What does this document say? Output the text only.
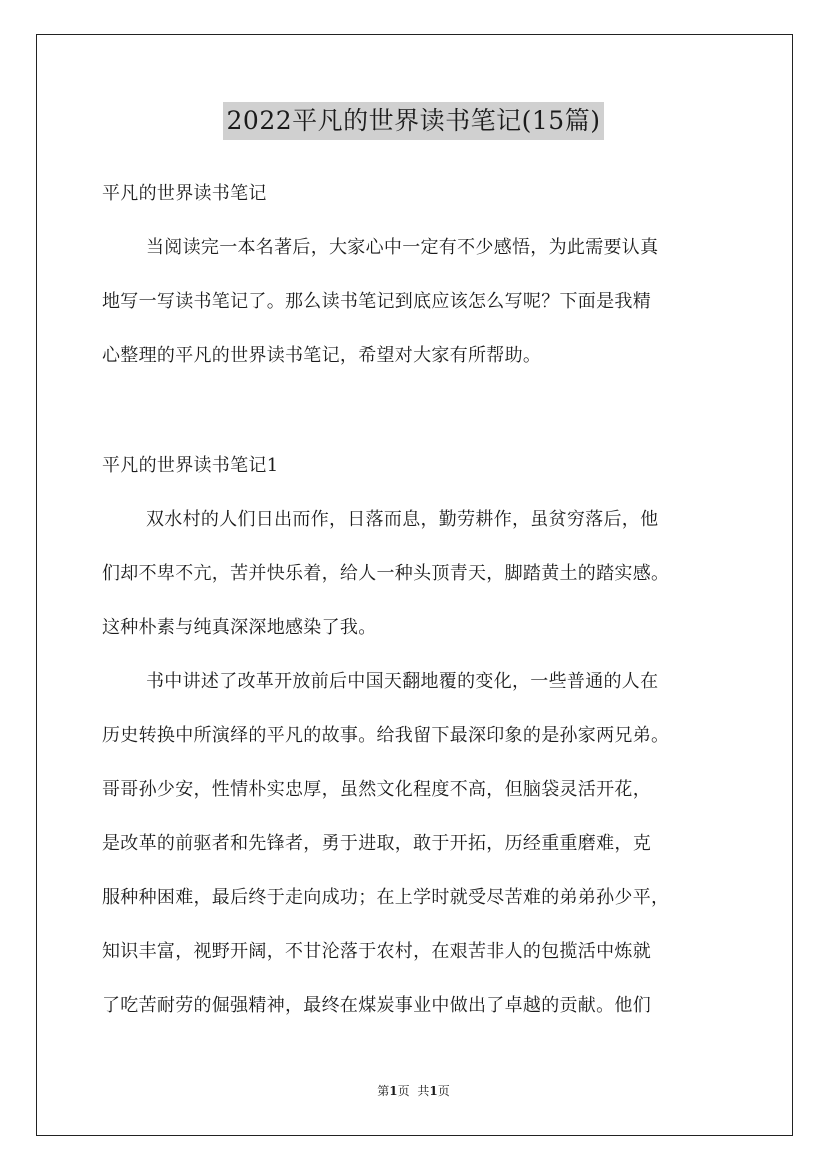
2022平凡的世界读书笔记(15篇)
平凡的世界读书笔记
当阅读完一本名著后，大家心中一定有不少感悟，为此需要认真
地写一写读书笔记了。那么读书笔记到底应该怎么写呢？下面是我精
心整理的平凡的世界读书笔记，希望对大家有所帮助。
平凡的世界读书笔记1
双水村的人们日出而作，日落而息，勤劳耕作，虽贫穷落后，他
们却不卑不亢，苦并快乐着，给人一种头顶青天，脚踏黄土的踏实感。
这种朴素与纯真深深地感染了我。
书中讲述了改革开放前后中国天翻地覆的变化，一些普通的人在
历史转换中所演绎的平凡的故事。给我留下最深印象的是孙家两兄弟。
哥哥孙少安，性情朴实忠厚，虽然文化程度不高，但脑袋灵活开花，
是改革的前驱者和先锋者，勇于进取，敢于开拓，历经重重磨难，克
服种种困难，最后终于走向成功；在上学时就受尽苦难的弟弟孙少平，
知识丰富，视野开阔，不甘沦落于农村，在艰苦非人的包揽活中炼就
了吃苦耐劳的倔强精神，最终在煤炭事业中做出了卓越的贡献。他们
第1页 共1页
